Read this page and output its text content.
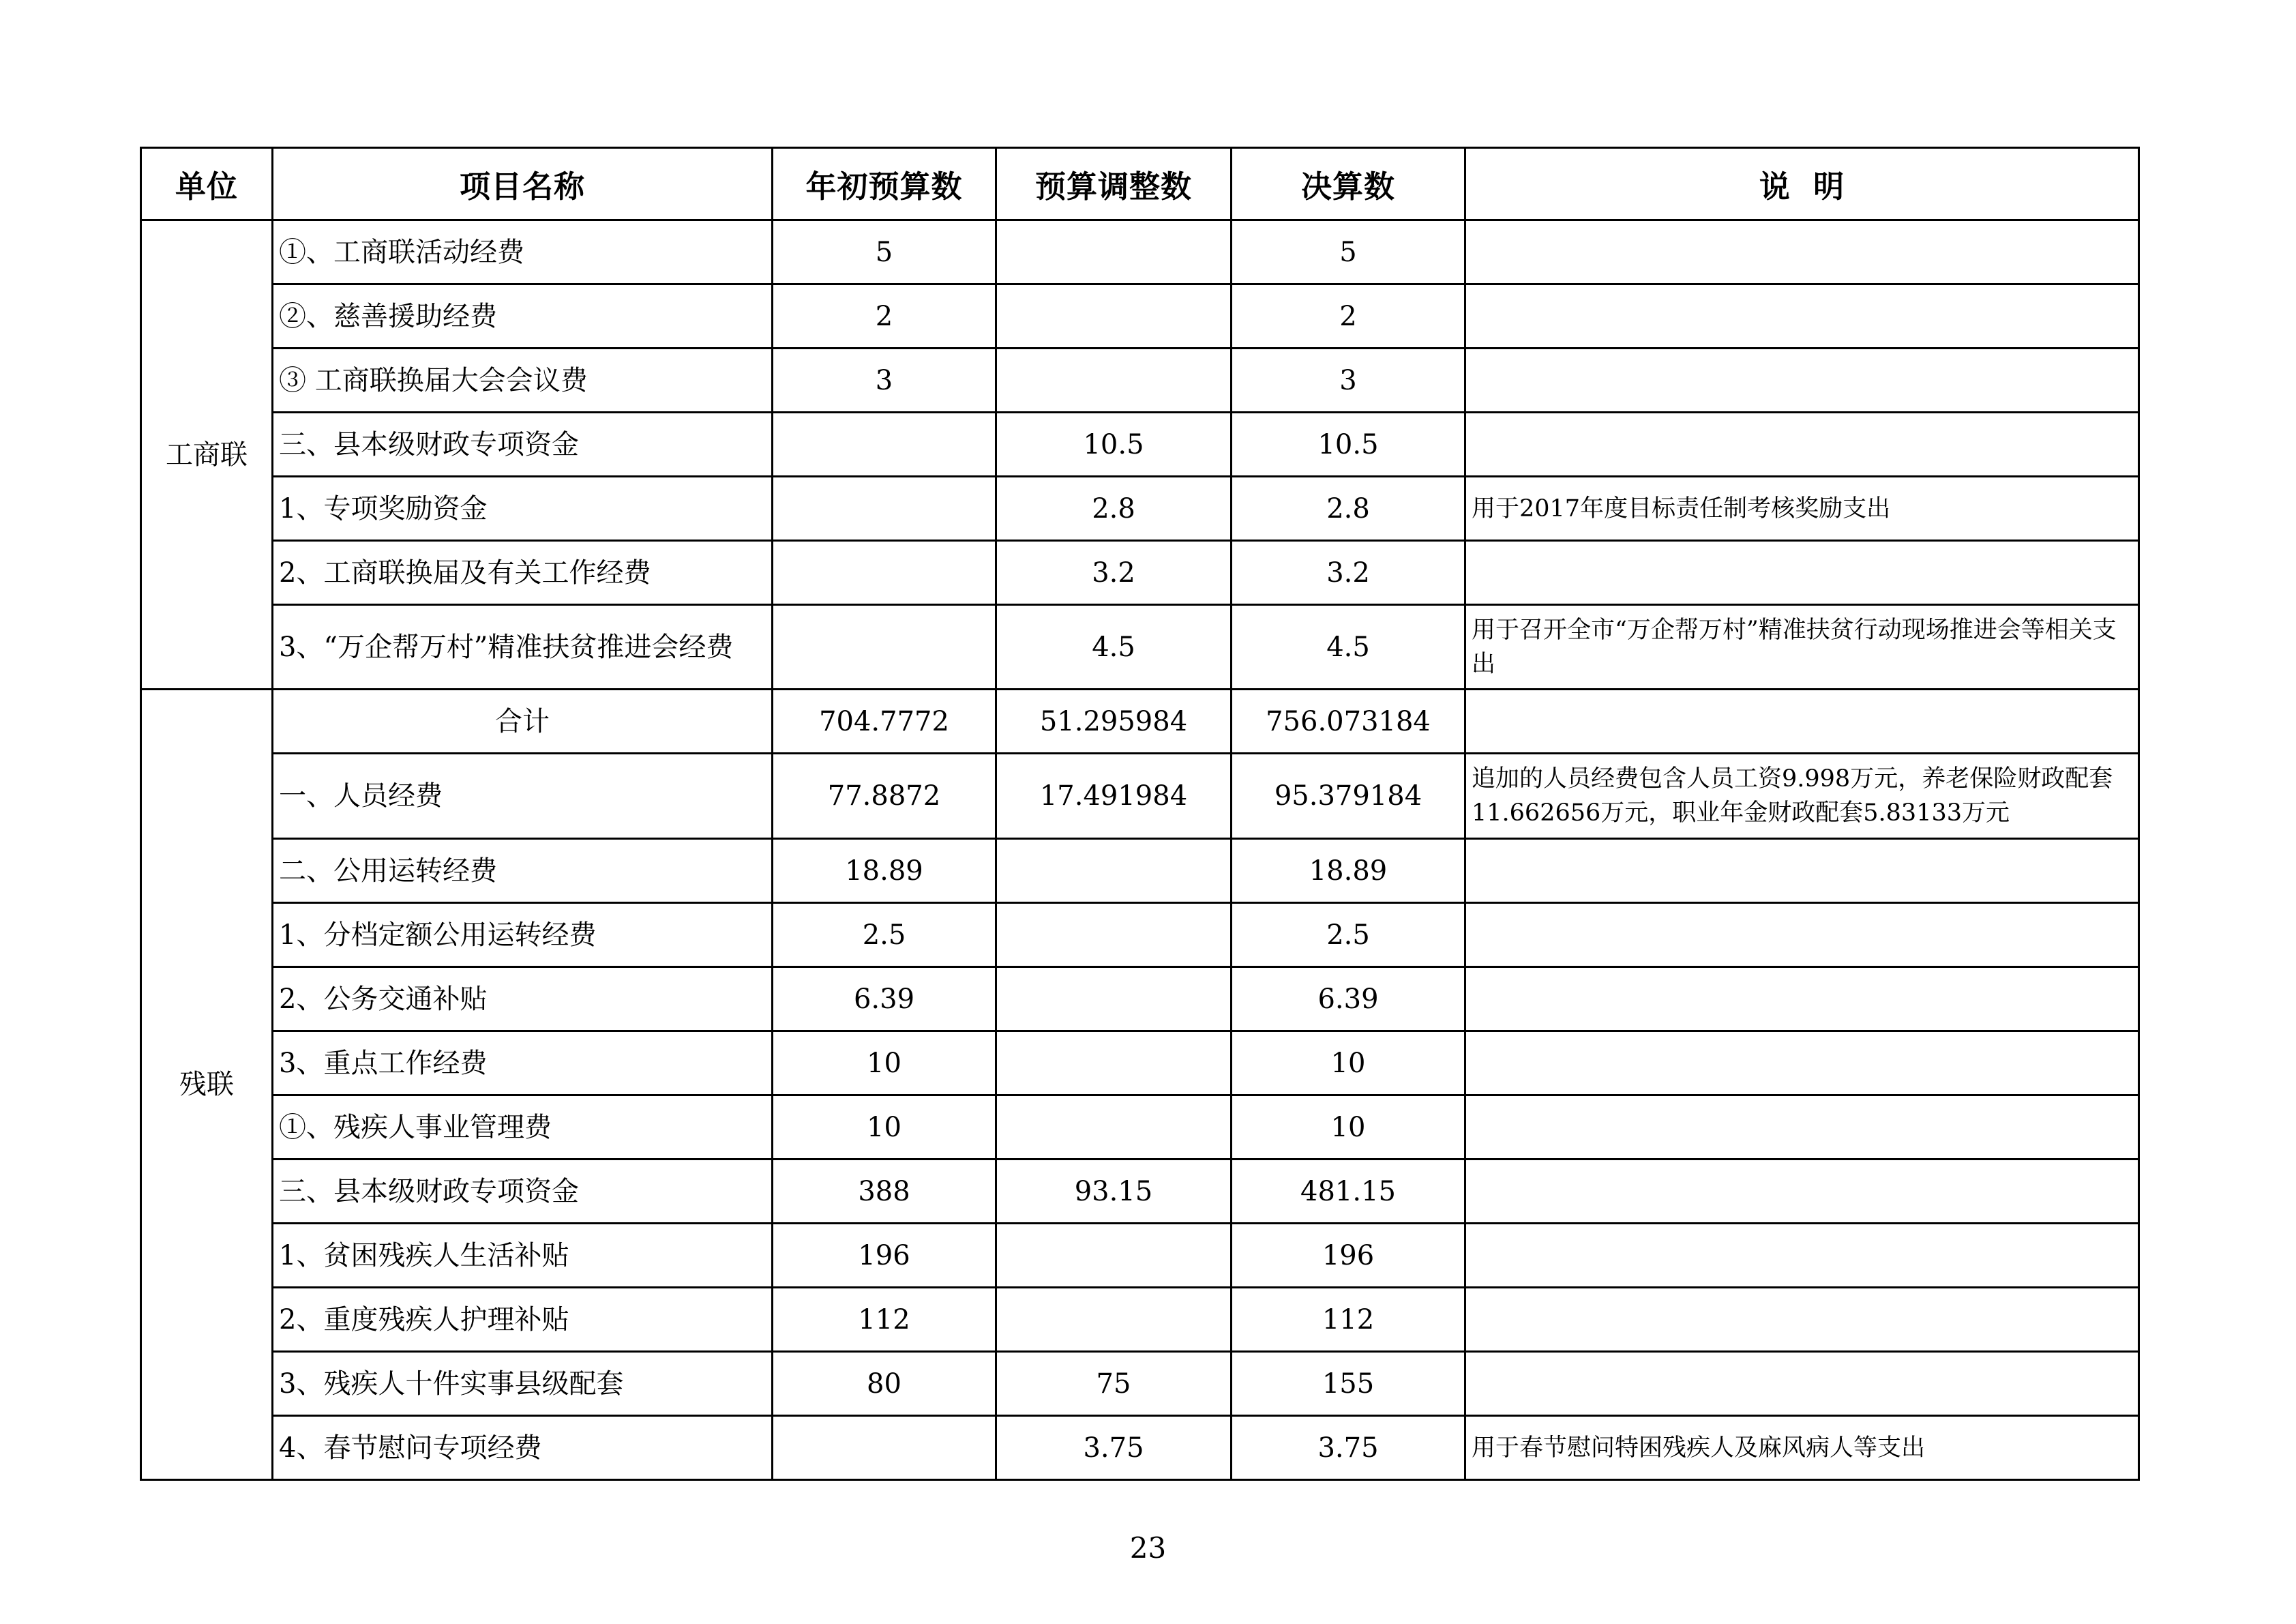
单位	项目名称	年初预算数	预算调整数	决算数	说  明
工商联	①、工商联活动经费	5		5	
	②、慈善援助经费	2		2	
	③ 工商联换届大会会议费	3		3	
	三、县本级财政专项资金		10.5	10.5	
	1、专项奖励资金		2.8	2.8	用于2017年度目标责任制考核奖励支出
	2、工商联换届及有关工作经费		3.2	3.2	
	3、“万企帮万村”精准扶贫推进会经费		4.5	4.5	用于召开全市“万企帮万村”精准扶贫行动现场推进会等相关支出
残联	合计	704.7772	51.295984	756.073184	
	一、人员经费	77.8872	17.491984	95.379184	追加的人员经费包含人员工资9.998万元，养老保险财政配套11.662656万元，职业年金财政配套5.83133万元
	二、公用运转经费	18.89		18.89	
	1、分档定额公用运转经费	2.5		2.5	
	2、公务交通补贴	6.39		6.39	
	3、重点工作经费	10		10	
	①、残疾人事业管理费	10		10	
	三、县本级财政专项资金	388	93.15	481.15	
	1、贫困残疾人生活补贴	196		196	
	2、重度残疾人护理补贴	112		112	
	3、残疾人十件实事县级配套	80	75	155	
	4、春节慰问专项经费		3.75	3.75	用于春节慰问特困残疾人及麻风病人等支出
23
